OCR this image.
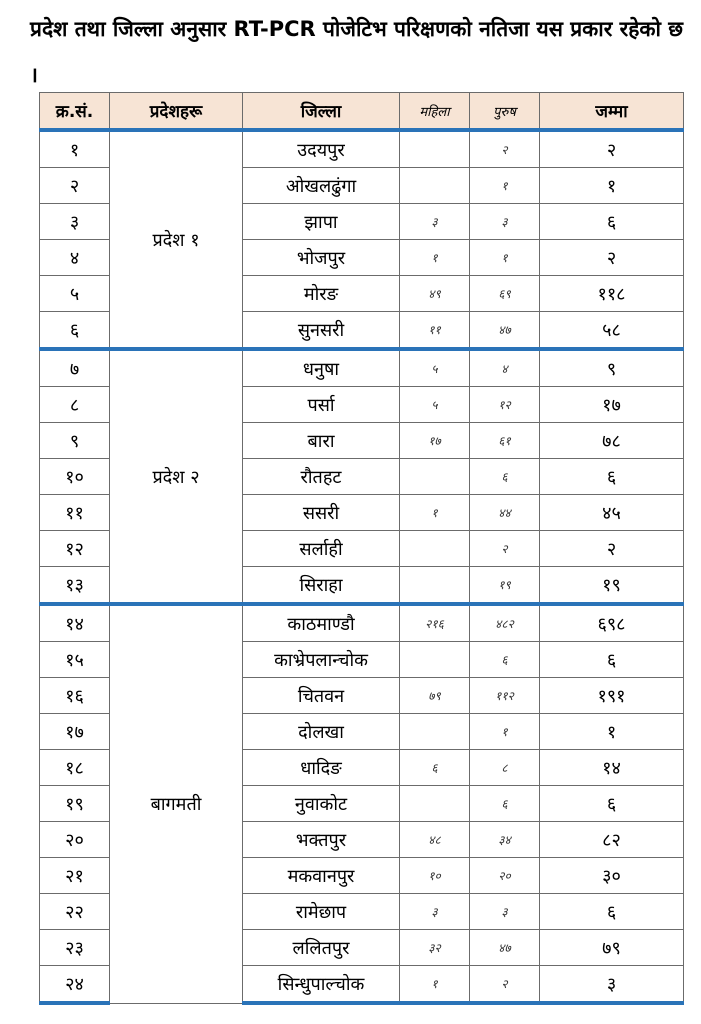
प्रदेश तथा जिल्ला अनुसार RT-PCR पोजेटिभ परिक्षणको नतिजा यस प्रकार रहेको छ ।
क्र.सं.	प्रदेशहरू	जिल्ला	महिला	पुरुष	जम्मा
१	प्रदेश १	उदयपुर		२	२
२		ओखलढुंगा		१	१
३		झापा	३	३	६
४		भोजपुर	१	१	२
५		मोरङ	४९	६९	११८
६		सुनसरी	११	४७	५८
७	प्रदेश २	धनुषा	५	४	९
८		पर्सा	५	१२	१७
९		बारा	१७	६१	७८
१०		रौतहट		६	६
११		ससरी	१	४४	४५
१२		सर्लाही		२	२
१३		सिराहा		१९	१९
१४	बागमती	काठमाण्डौ	२१६	४८२	६९८
१५		काभ्रेपलान्चोक		६	६
१६		चितवन	७९	११२	१९१
१७		दोलखा		१	१
१८		धादिङ	६	८	१४
१९		नुवाकोट		६	६
२०		भक्तपुर	४८	३४	८२
२१		मकवानपुर	१०	२०	३०
२२		रामेछाप	३	३	६
२३		ललितपुर	३२	४७	७९
२४		सिन्धुपाल्चोक	१	२	३
